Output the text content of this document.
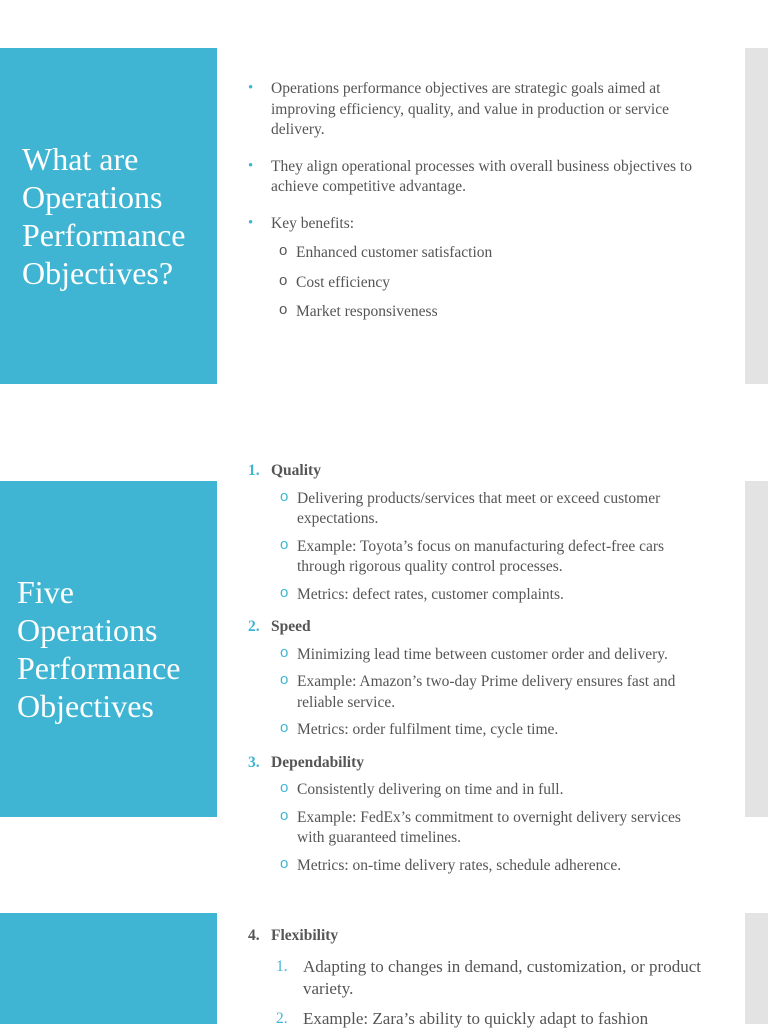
What are Operations Performance Objectives?
• Operations performance objectives are strategic goals aimed at improving efficiency, quality, and value in production or service delivery.
• They align operational processes with overall business objectives to achieve competitive advantage.
• Key benefits:
o Enhanced customer satisfaction
o Cost efficiency
o Market responsiveness
Five Operations Performance Objectives
1. Quality
o Delivering products/services that meet or exceed customer expectations.
o Example: Toyota’s focus on manufacturing defect-free cars through rigorous quality control processes.
o Metrics: defect rates, customer complaints.
2. Speed
o Minimizing lead time between customer order and delivery.
o Example: Amazon’s two-day Prime delivery ensures fast and reliable service.
o Metrics: order fulfilment time, cycle time.
3. Dependability
o Consistently delivering on time and in full.
o Example: FedEx’s commitment to overnight delivery services with guaranteed timelines.
o Metrics: on-time delivery rates, schedule adherence.
4. Flexibility
1. Adapting to changes in demand, customization, or product variety.
2. Example: Zara’s ability to quickly adapt to fashion
